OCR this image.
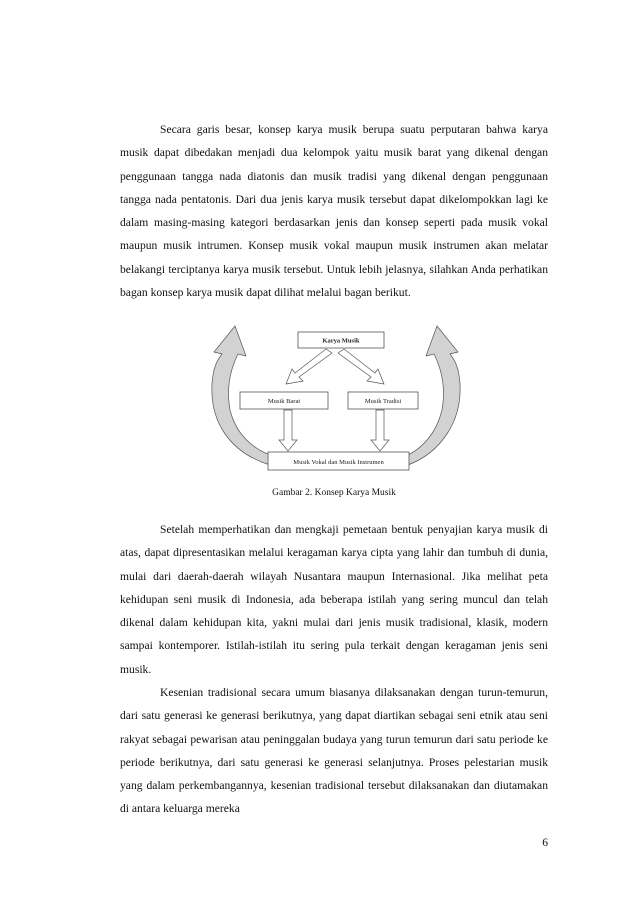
Secara garis besar, konsep karya musik berupa suatu perputaran bahwa karya musik dapat dibedakan menjadi dua kelompok yaitu musik barat yang dikenal dengan penggunaan tangga nada diatonis dan musik tradisi yang dikenal dengan penggunaan tangga nada pentatonis. Dari dua jenis karya musik tersebut dapat dikelompokkan lagi ke dalam masing-masing kategori berdasarkan jenis dan konsep seperti pada musik vokal maupun musik intrumen. Konsep musik vokal maupun musik instrumen akan melatar belakangi terciptanya karya musik tersebut. Untuk lebih jelasnya, silahkan Anda perhatikan bagan konsep karya musik dapat dilihat melalui bagan berikut.

Karya Musik
Musik Barat	Musik Tradisi
Musik Vokal dan Musik Instrumen

Gambar 2. Konsep Karya Musik

Setelah memperhatikan dan mengkaji pemetaan bentuk penyajian karya musik di atas, dapat dipresentasikan melalui keragaman karya cipta yang lahir dan tumbuh di dunia, mulai dari daerah-daerah wilayah Nusantara maupun Internasional. Jika melihat peta kehidupan seni musik di Indonesia, ada beberapa istilah yang sering muncul dan telah dikenal dalam kehidupan kita, yakni mulai dari jenis musik tradisional, klasik, modern sampai kontemporer. Istilah-istilah itu sering pula terkait dengan keragaman jenis seni musik.

Kesenian tradisional secara umum biasanya dilaksanakan dengan turun-temurun, dari satu generasi ke generasi berikutnya, yang dapat diartikan sebagai seni etnik atau seni rakyat sebagai pewarisan atau peninggalan budaya yang turun temurun dari satu periode ke periode berikutnya, dari satu generasi ke generasi selanjutnya. Proses pelestarian musik yang dalam perkembangannya, kesenian tradisional tersebut dilaksanakan dan diutamakan di antara keluarga mereka

6
